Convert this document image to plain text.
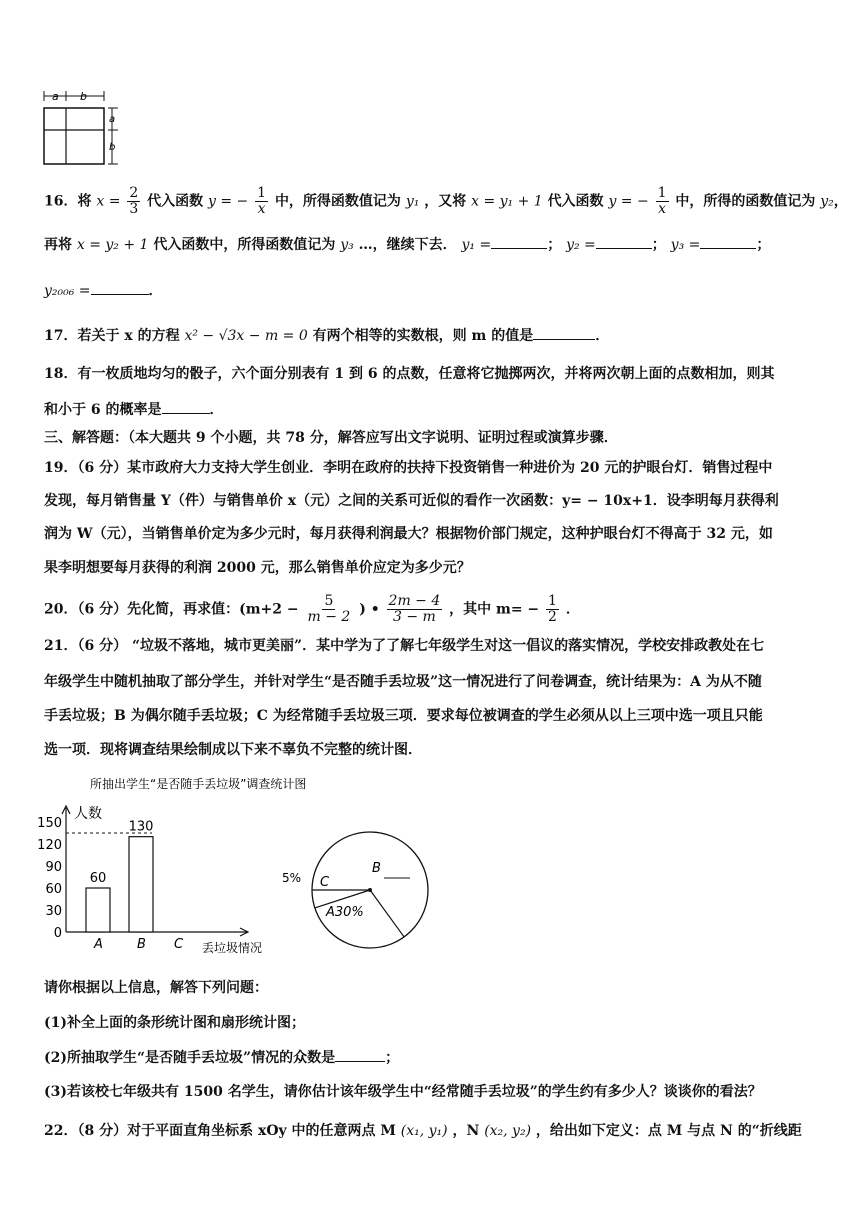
a b
a
b
16．将 $x = \frac{2}{3}$ 代入函数 y = − $\frac{1}{x}$ 中，所得函数值记为 y₁ ，又将 x = y₁ + 1 代入函数 y = − $\frac{1}{x}$ 中，所得的函数值记为 y₂，
再将 x = y₂ + 1 代入函数中，所得函数值记为 y₃ …，继续下去． y₁ =	； y₂ =	； y₃ =	；
y₂₀₀₆ =	．
17．若关于 x 的方程 x² − √3x − m = 0 有两个相等的实数根，则 m 的值是	．
18．有一枚质地均匀的骰子，六个面分别表有 1 到 6 的点数，任意将它抛掷两次，并将两次朝上面的点数相加，则其
和小于 6 的概率是	．
三、解答题：（本大题共 9 个小题，共 78 分，解答应写出文字说明、证明过程或演算步骤．
19．（6 分）某市政府大力支持大学生创业．李明在政府的扶持下投资销售一种进价为 20 元的护眼台灯．销售过程中
发现，每月销售量 Y（件）与销售单价 x（元）之间的关系可近似的看作一次函数：y= − 10x+1．设李明每月获得利
润为 W（元），当销售单价定为多少元时，每月获得利润最大？根据物价部门规定，这种护眼台灯不得高于 32 元，如
果李明想要每月获得的利润 2000 元，那么销售单价应定为多少元？
20．（6 分）先化简，再求值：($m+2 - \frac{5}{m - 2}$ ) • $\frac{2m - 4}{3 - m}$ ，其中 $m= - \frac{1}{2}$ ．
21．（6 分） “垃圾不落地，城市更美丽”．某中学为了了解七年级学生对这一倡议的落实情况，学校安排政教处在七
年级学生中随机抽取了部分学生，并针对学生“是否随手丢垃圾”这一情况进行了问卷调查，统计结果为：A 为从不随
手丢垃圾；B 为偶尔随手丢垃圾；C 为经常随手丢垃圾三项．要求每位被调查的学生必须从以上三项中选一项且只能
选一项．现将调查结果绘制成以下来不辜负不完整的统计图．
所抽出学生“是否随手丢垃圾”调查统计图
人数
丢垃圾情况
0
30
60
90
120
150
60
A
130
B C
A30%
B
C
5%
请你根据以上信息，解答下列问题：
(1)补全上面的条形统计图和扇形统计图；
(2)所抽取学生“是否随手丢垃圾”情况的众数是	；
(3)若该校七年级共有 1500 名学生，请你估计该年级学生中“经常随手丢垃圾”的学生约有多少人？谈谈你的看法？
22．（8 分）对于平面直角坐标系 xOy 中的任意两点 M (x₁, y₁) ，N (x₂, y₂) ，给出如下定义：点 M 与点 N 的“折线距
